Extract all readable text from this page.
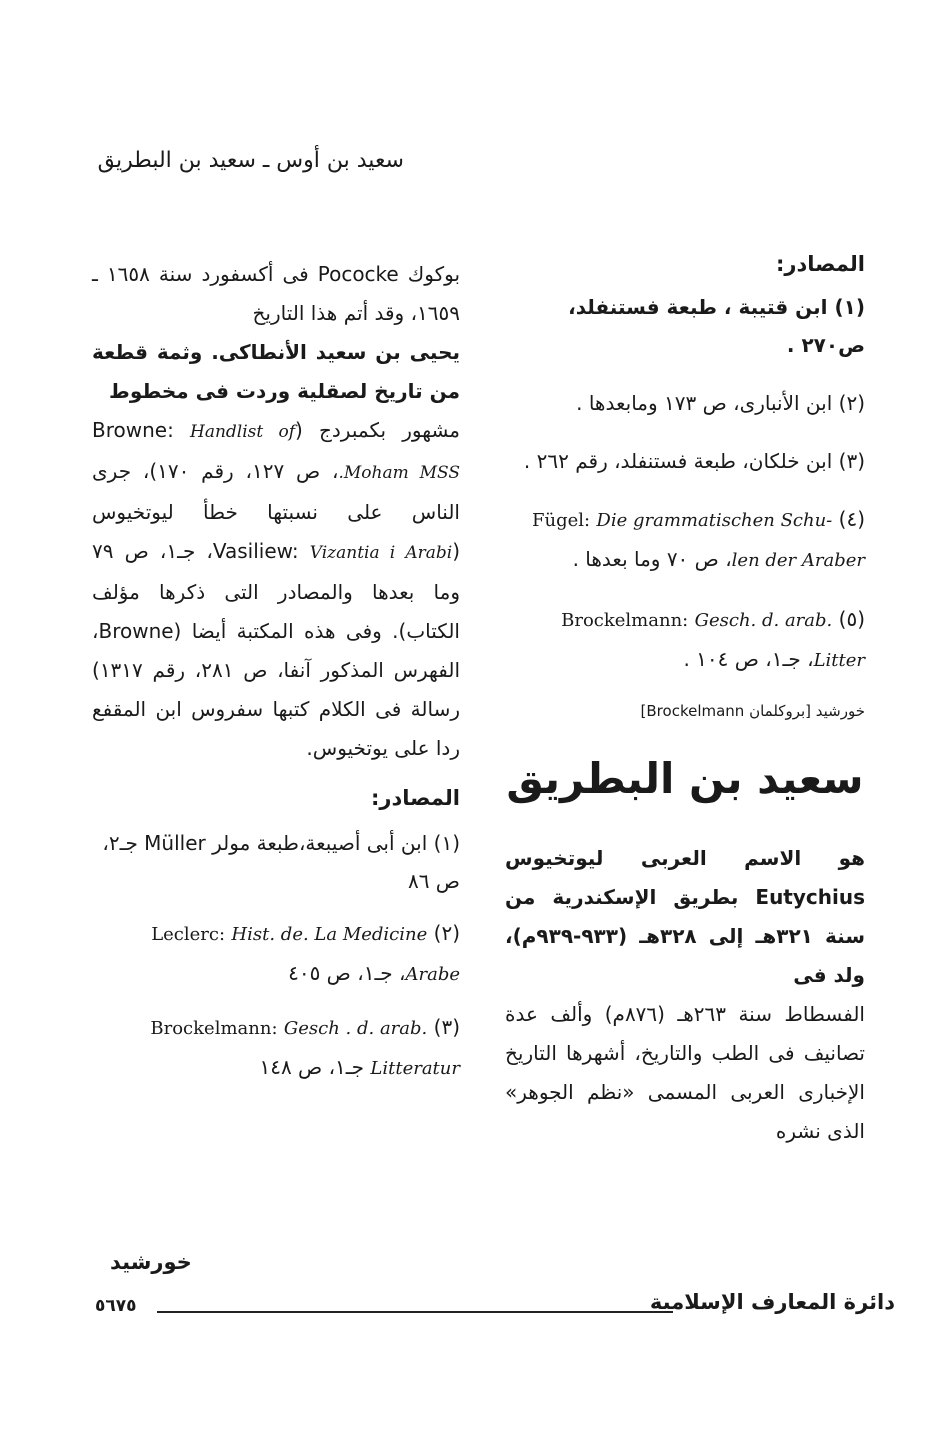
سعيد بن أوس ـ سعيد بن البطريق
المصادر:

(١) ابن قتيبة ، طبعة فستنفلد، ص٢٧٠ .

(٢) ابن الأنبارى، ص ١٧٣ ومابعدها .

(٣) ابن خلكان، طبعة فستنفلد، رقم ٢٦٢ .

(٤) Fügel: Die grammatischen Schu- len der Araber، ص ٧٠ وما بعدها .

(٥) Brockelmann: Gesch. d. arab. Litter، جـ١، ص ١٠٤ .

خورشيد [بروكلمان Brockelmann]
سعيد بن البطريق

هو الاسم العربى ليوتخيوس Eutychius بطريق الإسكندرية من سنة ٣٢١هـ إلى ٣٢٨هـ (٩٣٣-٩٣٩م)، ولد فى

الفسطاط سنة ٢٦٣هـ (٨٧٦م) وألف عدة تصانيف فى الطب والتاريخ، أشهرها التاريخ الإخبارى العربى المسمى «نظم الجوهر» الذى نشره

بوكوك Pococke فى أكسفورد سنة ١٦٥٨ ـ ١٦٥٩، وقد أتم هذا التاريخ

يحيى بن سعيد الأنطاكى. وثمة قطعة من تاريخ لصقلية وردت فى مخطوط

مشهور بكمبردج (Browne: Handlist of Moham MSS.، ص ١٢٧، رقم ١٧٠)، جرى الناس على نسبتها خطأ ليوتخيوس (Vasiliew: Vizantia i Arabi، جـ١، ص ٧٩ وما بعدها والمصادر التى ذكرها مؤلف الكتاب). وفى هذه المكتبة أيضا (Browne، الفهرس المذكور آنفا، ص ٢٨١، رقم ١٣١٧) رسالة فى الكلام كتبها سفروس ابن المقفع ردا على يوتخيوس.

المصادر:

(١) ابن أبى أصيبعة،طبعة مولر Müller جـ٢، ص ٨٦

(٢) Leclerc: Hist. de. La Medicine Arabe، جـ١، ص ٤٠٥

(٣) Brockelmann: Gesch . d. arab. Litteratur جـ١، ص ١٤٨

خورشيد
٥٦٧٥	دائرة المعارف الإسلامية
